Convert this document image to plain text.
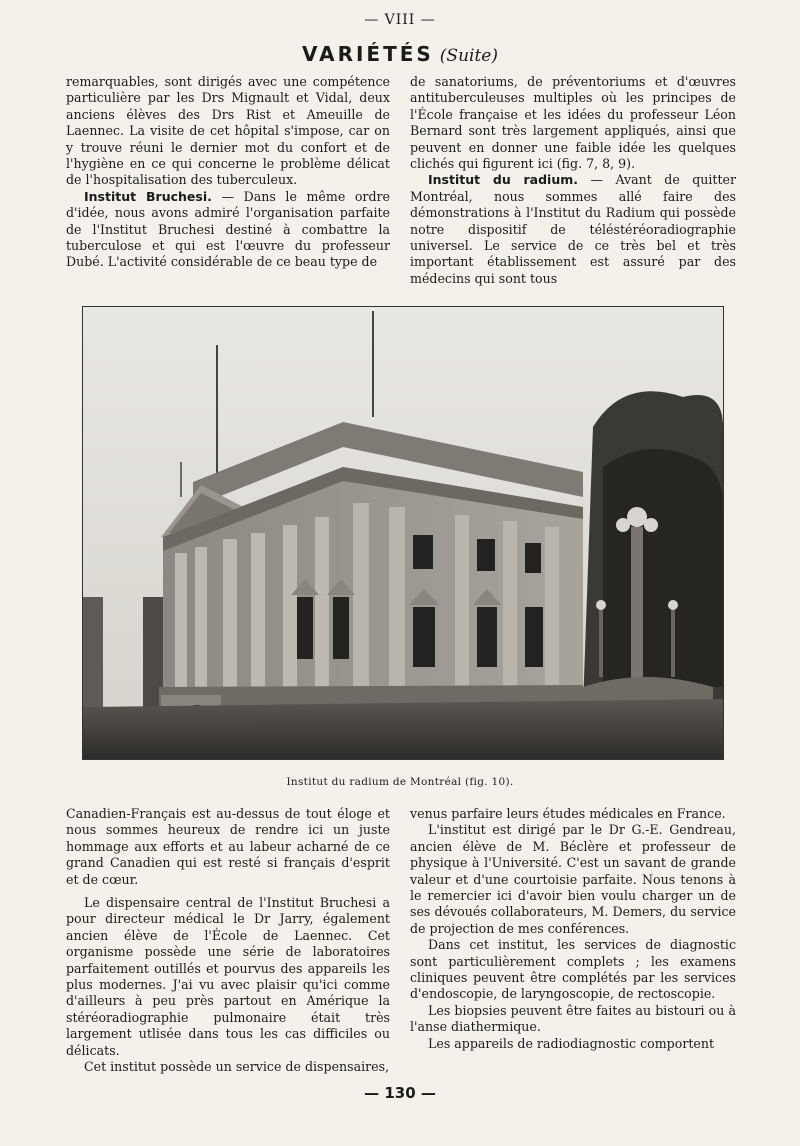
— VIII —
VARIÉTÉS (Suite)

remarquables, sont dirigés avec une compétence particulière par les Drs Mignault et Vidal, deux anciens élèves des Drs Rist et Ameuille de Laennec. La visite de cet hôpital s'impose, car on y trouve réuni le dernier mot du confort et de l'hygiène en ce qui concerne le problème délicat de l'hospitalisation des tuberculeux.

Institut Bruchesi. — Dans le même ordre d'idée, nous avons admiré l'organisation parfaite de l'Institut Bruchesi destiné à combattre la tuberculose et qui est l'œuvre du professeur Dubé. L'activité considérable de ce beau type de

de sanatoriums, de préventoriums et d'œuvres antituberculeuses multiples où les principes de l'École française et les idées du professeur Léon Bernard sont très largement appliqués, ainsi que peuvent en donner une faible idée les quelques clichés qui figurent ici (fig. 7, 8, 9).

Institut du radium. — Avant de quitter Montréal, nous sommes allé faire des démonstrations à l'Institut du Radium qui possède notre dispositif de téléstéréoradiographie universel. Le service de ce très bel et très important établissement est assuré par des médecins qui sont tous

Institut du radium de Montréal (fig. 10).

Canadien-Français est au-dessus de tout éloge et nous sommes heureux de rendre ici un juste hommage aux efforts et au labeur acharné de ce grand Canadien qui est resté si français d'esprit et de cœur.

Le dispensaire central de l'Institut Bruchesi a pour directeur médical le Dr Jarry, également ancien élève de l'École de Laennec. Cet organisme possède une série de laboratoires parfaitement outillés et pourvus des appareils les plus modernes. J'ai vu avec plaisir qu'ici comme d'ailleurs à peu près partout en Amérique la stéréoradiographie pulmonaire était très largement utlisée dans tous les cas difficiles ou délicats.

Cet institut possède un service de dispensaires,

venus parfaire leurs études médicales en France.

L'institut est dirigé par le Dr G.-E. Gendreau, ancien élève de M. Béclère et professeur de physique à l'Université. C'est un savant de grande valeur et d'une courtoisie parfaite. Nous tenons à le remercier ici d'avoir bien voulu charger un de ses dévoués collaborateurs, M. Demers, du service de projection de mes conférences.

Dans cet institut, les services de diagnostic sont particulièrement complets ; les examens cliniques peuvent être complétés par les services d'endoscopie, de laryngoscopie, de rectoscopie.

Les biopsies peuvent être faites au bistouri ou à l'anse diathermique.

Les appareils de radiodiagnostic comportent

— 130 —
